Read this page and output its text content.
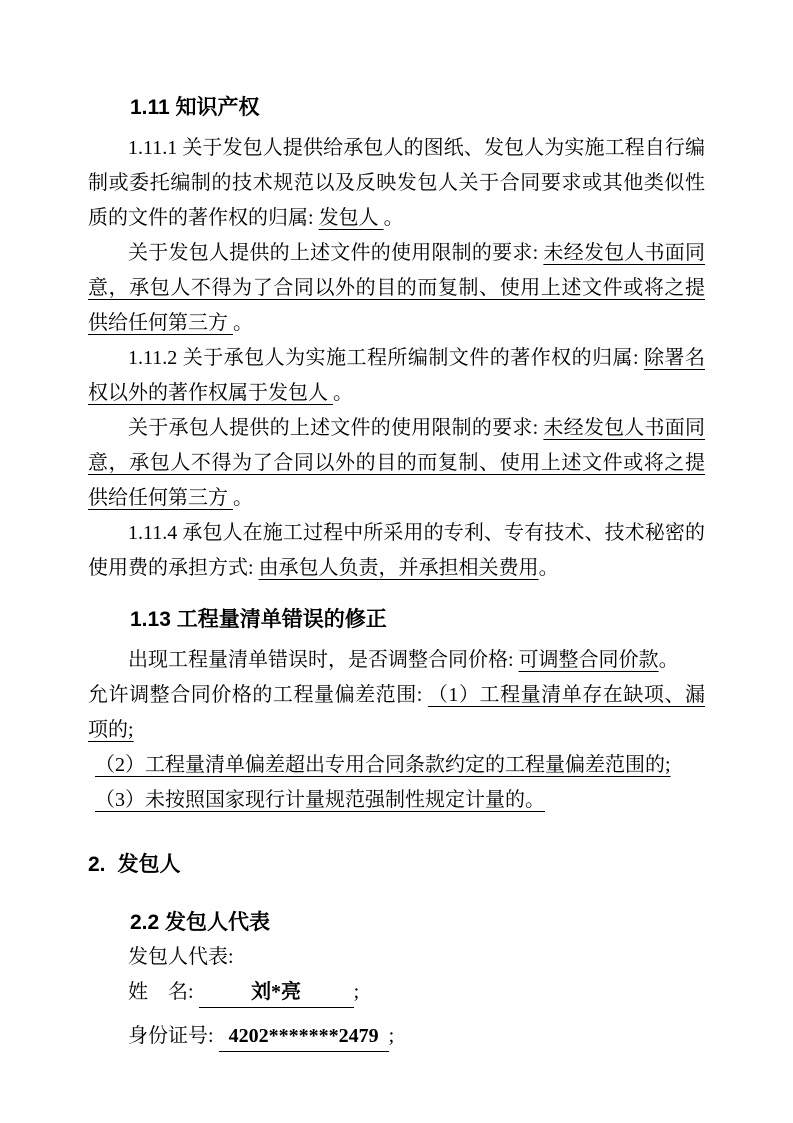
1.11 知识产权

1.11.1 关于发包人提供给承包人的图纸、发包人为实施工程自行编制或委托编制的技术规范以及反映发包人关于合同要求或其他类似性质的文件的著作权的归属: 发包人 。

关于发包人提供的上述文件的使用限制的要求: 未经发包人书面同意，承包人不得为了合同以外的目的而复制、使用上述文件或将之提供给任何第三方 。

1.11.2 关于承包人为实施工程所编制文件的著作权的归属: 除署名权以外的著作权属于发包人 。

关于承包人提供的上述文件的使用限制的要求: 未经发包人书面同意，承包人不得为了合同以外的目的而复制、使用上述文件或将之提供给任何第三方 。

1.11.4 承包人在施工过程中所采用的专利、专有技术、技术秘密的使用费的承担方式: 由承包人负责，并承担相关费用。

1.13 工程量清单错误的修正

出现工程量清单错误时，是否调整合同价格: 可调整合同价款。

允许调整合同价格的工程量偏差范围: （1）工程量清单存在缺项、漏项的;

（2）工程量清单偏差超出专用合同条款约定的工程量偏差范围的;

（3）未按照国家现行计量规范强制性规定计量的。

2. 发包人

2.2 发包人代表

发包人代表:

姓　名:	刘*亮	;

身份证号: 4202*******2479 ;
